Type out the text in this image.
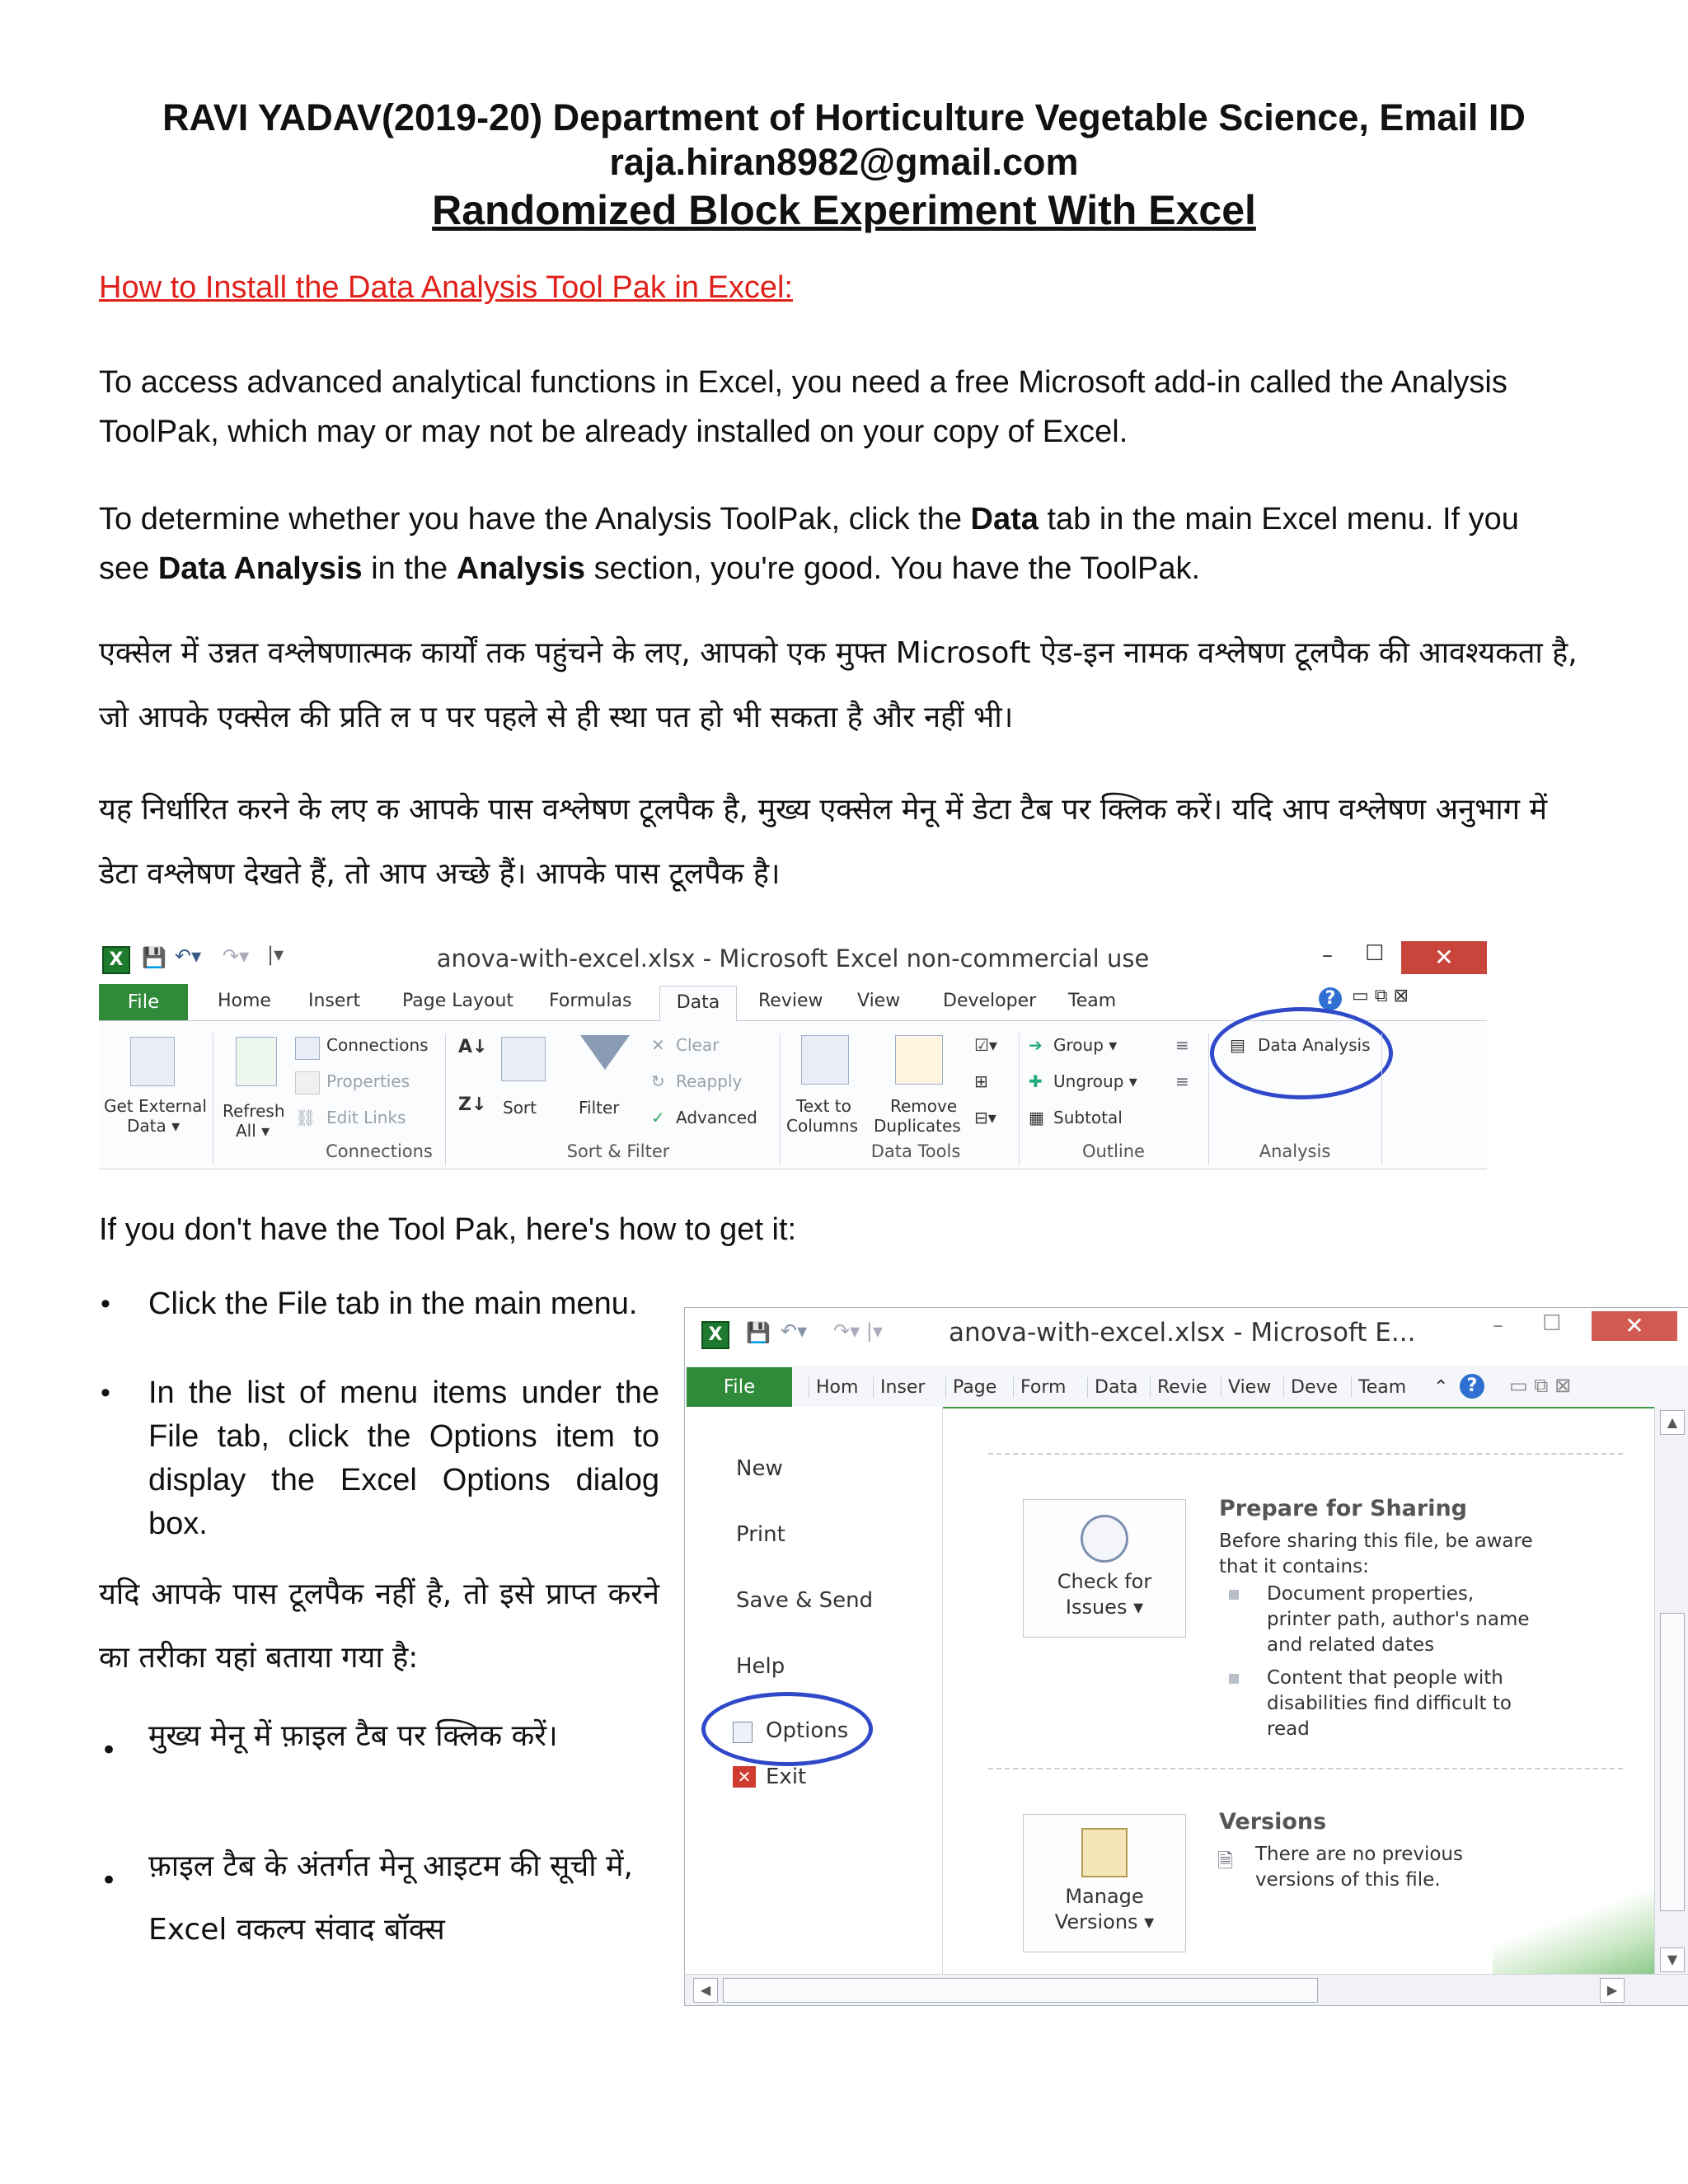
RAVI YADAV(2019-20) Department of Horticulture Vegetable Science, Email ID
raja.hiran8982@gmail.com
Randomized Block Experiment With Excel
How to Install the Data Analysis Tool Pak in Excel:
To access advanced analytical functions in Excel, you need a free Microsoft add-in called the Analysis ToolPak, which may or may not be already installed on your copy of Excel.
To determine whether you have the Analysis ToolPak, click the Data tab in the main Excel menu. If you see Data Analysis in the Analysis section, you're good. You have the ToolPak.
एक्सेल में उन्नत वश्लेषणात्मक कार्यों तक पहुंचने के लए, आपको एक मुफ्त Microsoft ऐड-इन नामक वश्लेषण टूलपैक की आवश्यकता है, जो आपके एक्सेल की प्रति ल प पर पहले से ही स्था पत हो भी सकता है और नहीं भी।
यह निर्धारित करने के लए क आपके पास वश्लेषण टूलपैक है, मुख्य एक्सेल मेनू में डेटा टैब पर क्लिक करें। यदि आप वश्लेषण अनुभाग में डेटा वश्लेषण देखते हैं, तो आप अच्छे हैं। आपके पास टूलपैक है।
X 💾 ↶▾ ↷▾ |▾	anova-with-excel.xlsx - Microsoft Excel non-commercial use	– ☐	✕
File	Home Insert Page Layout Formulas	Data	Review View Developer Team	? ▭ ⧉ ⊠
Get External
Data ▾
Refresh
All ▾
Connections
Properties
⛓ Edit Links
Connections
A↓
Z↓ Sort	Filter
✕ Clear
↻ Reapply
✓ Advanced
Sort & Filter
Text to
Columns
Remove
Duplicates
☑▾
⊞
⊟▾
Data Tools
➔ Group ▾
✚ Ungroup ▾
▦ Subtotal
≡
≡
Outline
▤ Data Analysis
Analysis
If you don't have the Tool Pak, here's how to get it:
• Click the File tab in the main menu.
• In the list of menu items under the File tab, click the Options item to display the Excel Options dialog box.
यदि आपके पास टूलपैक नहीं है, तो इसे प्राप्त करने का तरीका यहां बताया गया है:
• मुख्य मेनू में फ़ाइल टैब पर क्लिक करें।
• फ़ाइल टैब के अंतर्गत मेनू आइटम की सूची में, Excel वकल्प संवाद बॉक्स
X	💾 ↶▾ ↷▾ |▾	anova-with-excel.xlsx - Microsoft E...	– ☐	✕
File	Hom	Inser	Page	Form	Data	Revie	View	Deve	Team	⌃	?	▭ ⧉ ⊠
New
Print
Save & Send
Help
Options
✕ Exit
Check for
Issues ▾
Prepare for Sharing
Before sharing this file, be aware
that it contains:
Document properties,
printer path, author's name
and related dates
Content that people with
disabilities find difficult to
read
Manage
Versions ▾
Versions
🗎 There are no previous
versions of this file.
▲
▼
◀	▶
